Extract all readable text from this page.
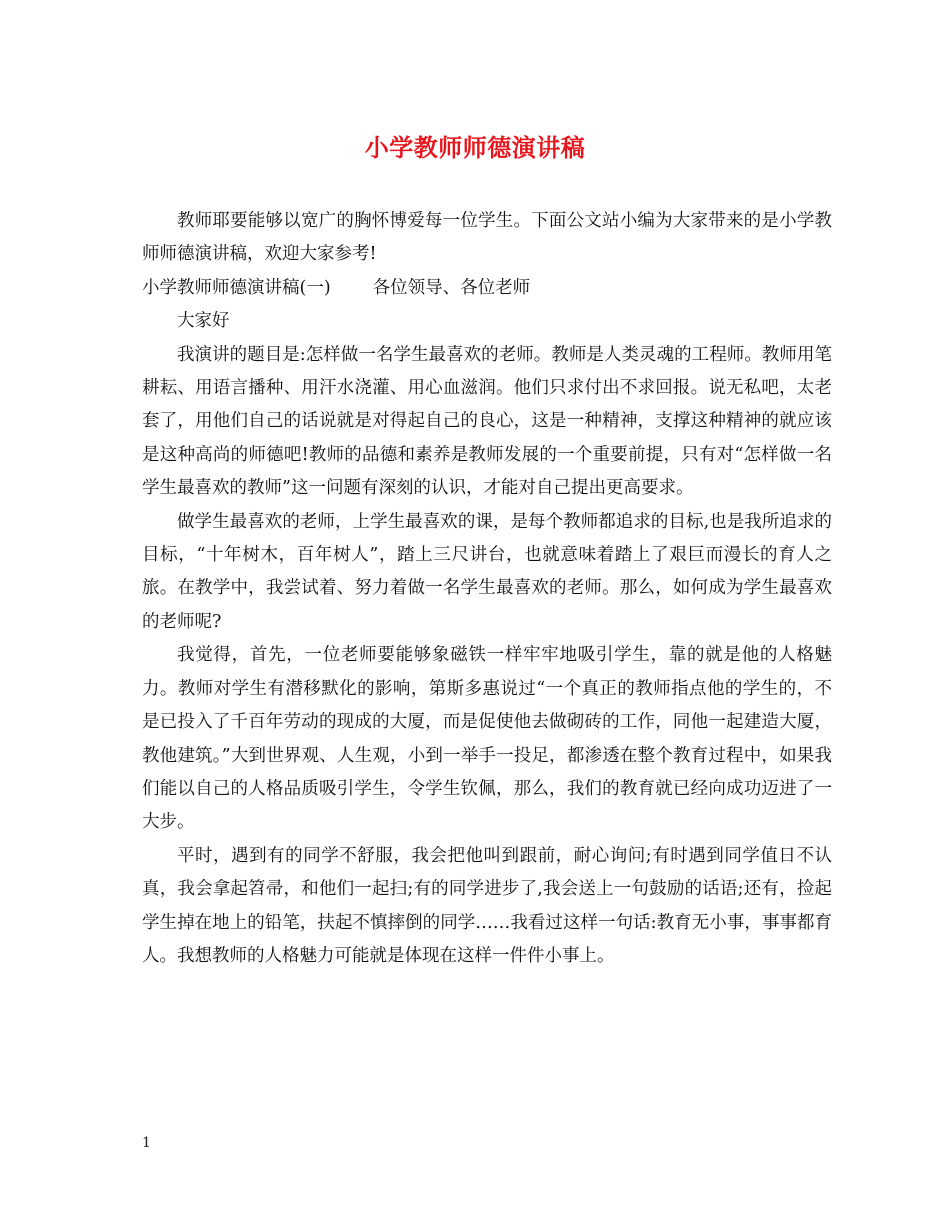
小学教师师德演讲稿

教师耶要能够以宽广的胸怀博爱每一位学生。下面公文站小编为大家带来的是小学教师师德演讲稿，欢迎大家参考!

小学教师师德演讲稿(一) 各位领导、各位老师

大家好

我演讲的题目是:怎样做一名学生最喜欢的老师。教师是人类灵魂的工程师。教师用笔耕耘、用语言播种、用汗水浇灌、用心血滋润。他们只求付出不求回报。说无私吧，太老套了，用他们自己的话说就是对得起自己的良心，这是一种精神，支撑这种精神的就应该是这种高尚的师德吧!教师的品德和素养是教师发展的一个重要前提，只有对“怎样做一名学生最喜欢的教师”这一问题有深刻的认识，才能对自己提出更高要求。

做学生最喜欢的老师，上学生最喜欢的课，是每个教师都追求的目标,也是我所追求的目标，“十年树木，百年树人”，踏上三尺讲台，也就意味着踏上了艰巨而漫长的育人之旅。在教学中，我尝试着、努力着做一名学生最喜欢的老师。那么，如何成为学生最喜欢的老师呢?

我觉得，首先，一位老师要能够象磁铁一样牢牢地吸引学生，靠的就是他的人格魅力。教师对学生有潜移默化的影响，第斯多惠说过“一个真正的教师指点他的学生的，不是已投入了千百年劳动的现成的大厦，而是促使他去做砌砖的工作，同他一起建造大厦，教他建筑。”大到世界观、人生观，小到一举手一投足，都渗透在整个教育过程中，如果我们能以自己的人格品质吸引学生，令学生钦佩，那么，我们的教育就已经向成功迈进了一大步。

平时，遇到有的同学不舒服，我会把他叫到跟前，耐心询问;有时遇到同学值日不认真，我会拿起笤帚，和他们一起扫;有的同学进步了,我会送上一句鼓励的话语;还有，捡起学生掉在地上的铅笔，扶起不慎摔倒的同学……我看过这样一句话:教育无小事，事事都育人。我想教师的人格魅力可能就是体现在这样一件件小事上。

1
